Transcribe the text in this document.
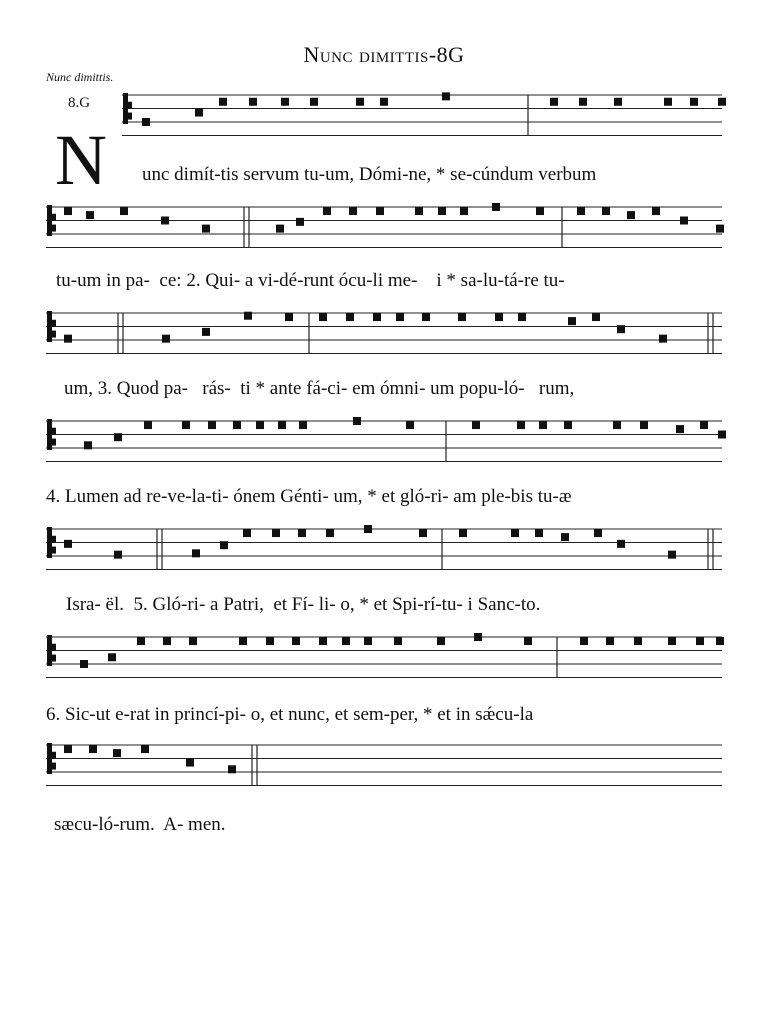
Nunc dimittis-8G
Nunc dimittis.
8.G
N unc dimít-tis servum tu-um, Dómi-ne, * se-cúndum verbum
tu-um in pa-  ce: 2. Qui- a vi-dé-runt ócu-li me-    i * sa-lu-tá-re tu-
um, 3. Quod pa-   rás-  ti * ante fá-ci- em ómni- um popu-ló-   rum,
4. Lumen ad re-ve-la-ti- ónem Génti- um, * et gló-ri- am ple-bis tu-æ
Isra- ël.  5. Gló-ri- a Patri,  et Fí- li- o, * et Spi-rí-tu- i Sanc-to.
6. Sic-ut e-rat in princí-pi- o, et nunc, et sem-per, * et in sǽcu-la
sæcu-ló-rum.  A- men.
